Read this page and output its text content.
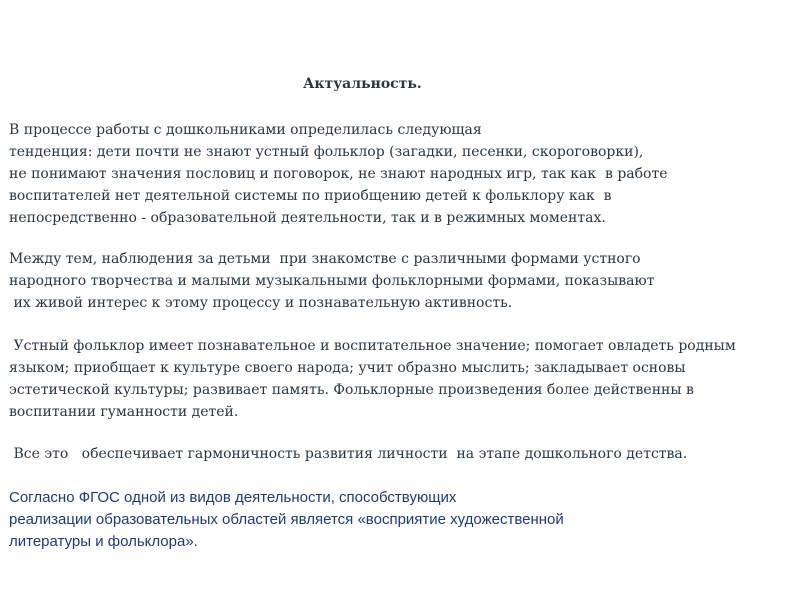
Актуальность.
В процессе работы с дошкольниками определилась следующая
тенденция: дети почти не знают устный фольклор (загадки, песенки, скороговорки),
не понимают значения пословиц и поговорок, не знают народных игр, так как  в работе
воспитателей нет деятельной системы по приобщению детей к фольклору как  в
непосредственно - образовательной деятельности, так и в режимных моментах.
Между тем, наблюдения за детьми  при знакомстве с различными формами устного
народного творчества и малыми музыкальными фольклорными формами, показывают
их живой интерес к этому процессу и познавательную активность.
Устный фольклор имеет познавательное и воспитательное значение; помогает овладеть родным
языком; приобщает к культуре своего народа; учит образно мыслить; закладывает основы
эстетической культуры; развивает память. Фольклорные произведения более действенны в
воспитании гуманности детей.
Все это   обеспечивает гармоничность развития личности  на этапе дошкольного детства.
Согласно ФГОС одной из видов деятельности, способствующих
реализации образовательных областей является «восприятие художественной
литературы и фольклора».
